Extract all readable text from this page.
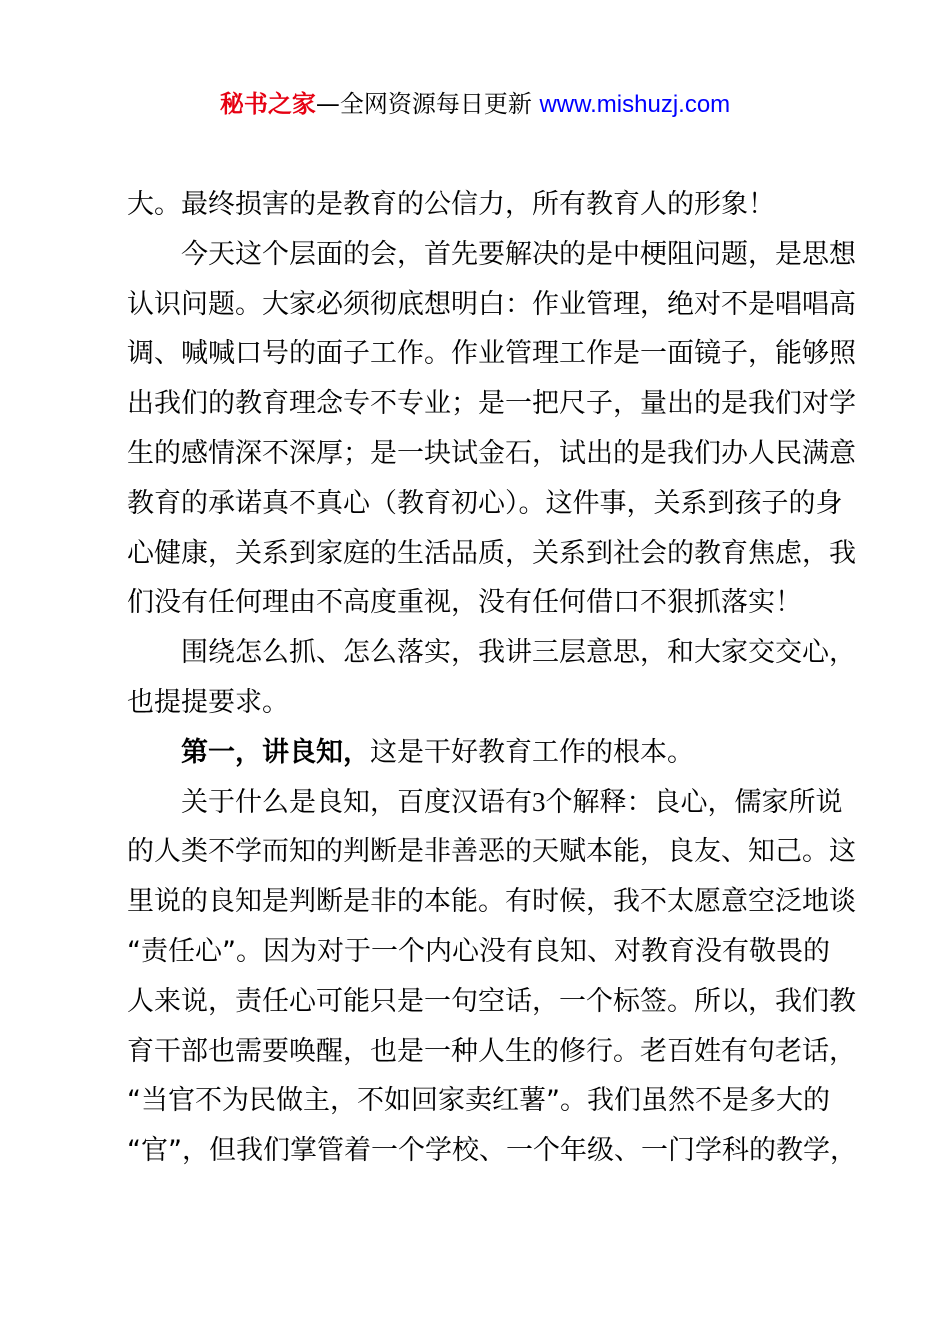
秘书之家—全网资源每日更新 www.mishuzj.com
大。最终损害的是教育的公信力，所有教育人的形象！
今天这个层面的会，首先要解决的是中梗阻问题，是思想
认识问题。大家必须彻底想明白：作业管理，绝对不是唱唱高
调、喊喊口号的面子工作。作业管理工作是一面镜子，能够照
出我们的教育理念专不专业；是一把尺子，量出的是我们对学
生的感情深不深厚；是一块试金石，试出的是我们办人民满意
教育的承诺真不真心（教育初心）。这件事，关系到孩子的身
心健康，关系到家庭的生活品质，关系到社会的教育焦虑，我
们没有任何理由不高度重视，没有任何借口不狠抓落实！
围绕怎么抓、怎么落实，我讲三层意思，和大家交交心，
也提提要求。
第一，讲良知，这是干好教育工作的根本。
关于什么是良知，百度汉语有3个解释：良心，儒家所说
的人类不学而知的判断是非善恶的天赋本能，良友、知己。这
里说的良知是判断是非的本能。有时候，我不太愿意空泛地谈
“责任心”。因为对于一个内心没有良知、对教育没有敬畏的
人来说，责任心可能只是一句空话，一个标签。所以，我们教
育干部也需要唤醒，也是一种人生的修行。老百姓有句老话，
“当官不为民做主，不如回家卖红薯”。我们虽然不是多大的
“官”，但我们掌管着一个学校、一个年级、一门学科的教学，
